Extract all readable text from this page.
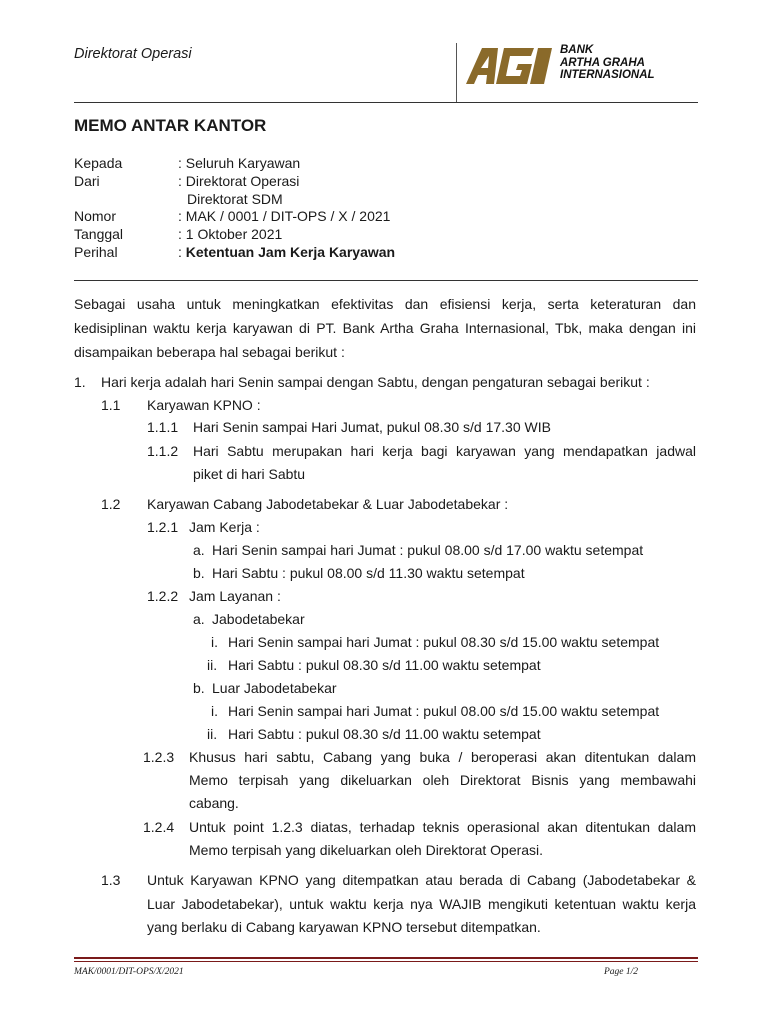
Direktorat Operasi	BANK
ARTHA GRAHA
INTERNASIONAL
MEMO ANTAR KANTOR
Kepada	: Seluruh Karyawan
Dari	: Direktorat Operasi
Direktorat SDM
Nomor	: MAK / 0001 / DIT-OPS / X / 2021
Tanggal	: 1 Oktober 2021
Perihal	: Ketentuan Jam Kerja Karyawan
Sebagai usaha untuk meningkatkan efektivitas dan efisiensi kerja, serta keteraturan dan
kedisiplinan waktu kerja karyawan di PT. Bank Artha Graha Internasional, Tbk, maka dengan ini
disampaikan beberapa hal sebagai berikut :
1. Hari kerja adalah hari Senin sampai dengan Sabtu, dengan pengaturan sebagai berikut :
1.1 Karyawan KPNO :
1.1.1 Hari Senin sampai Hari Jumat, pukul 08.30 s/d 17.30 WIB
1.1.2 Hari Sabtu merupakan hari kerja bagi karyawan yang mendapatkan jadwal
piket di hari Sabtu
1.2 Karyawan Cabang Jabodetabekar & Luar Jabodetabekar :
1.2.1 Jam Kerja :
a. Hari Senin sampai hari Jumat : pukul 08.00 s/d 17.00 waktu setempat
b. Hari Sabtu : pukul 08.00 s/d 11.30 waktu setempat
1.2.2 Jam Layanan :
a. Jabodetabekar
i. Hari Senin sampai hari Jumat : pukul 08.30 s/d 15.00 waktu setempat
ii. Hari Sabtu : pukul 08.30 s/d 11.00 waktu setempat
b. Luar Jabodetabekar
i. Hari Senin sampai hari Jumat : pukul 08.00 s/d 15.00 waktu setempat
ii. Hari Sabtu : pukul 08.30 s/d 11.00 waktu setempat
1.2.3 Khusus hari sabtu, Cabang yang buka / beroperasi akan ditentukan dalam
Memo terpisah yang dikeluarkan oleh Direktorat Bisnis yang membawahi
cabang.
1.2.4 Untuk point 1.2.3 diatas, terhadap teknis operasional akan ditentukan dalam
Memo terpisah yang dikeluarkan oleh Direktorat Operasi.
1.3 Untuk Karyawan KPNO yang ditempatkan atau berada di Cabang (Jabodetabekar &
Luar Jabodetabekar), untuk waktu kerja nya WAJIB mengikuti ketentuan waktu kerja
yang berlaku di Cabang karyawan KPNO tersebut ditempatkan.
MAK/0001/DIT-OPS/X/2021	Page 1/2
